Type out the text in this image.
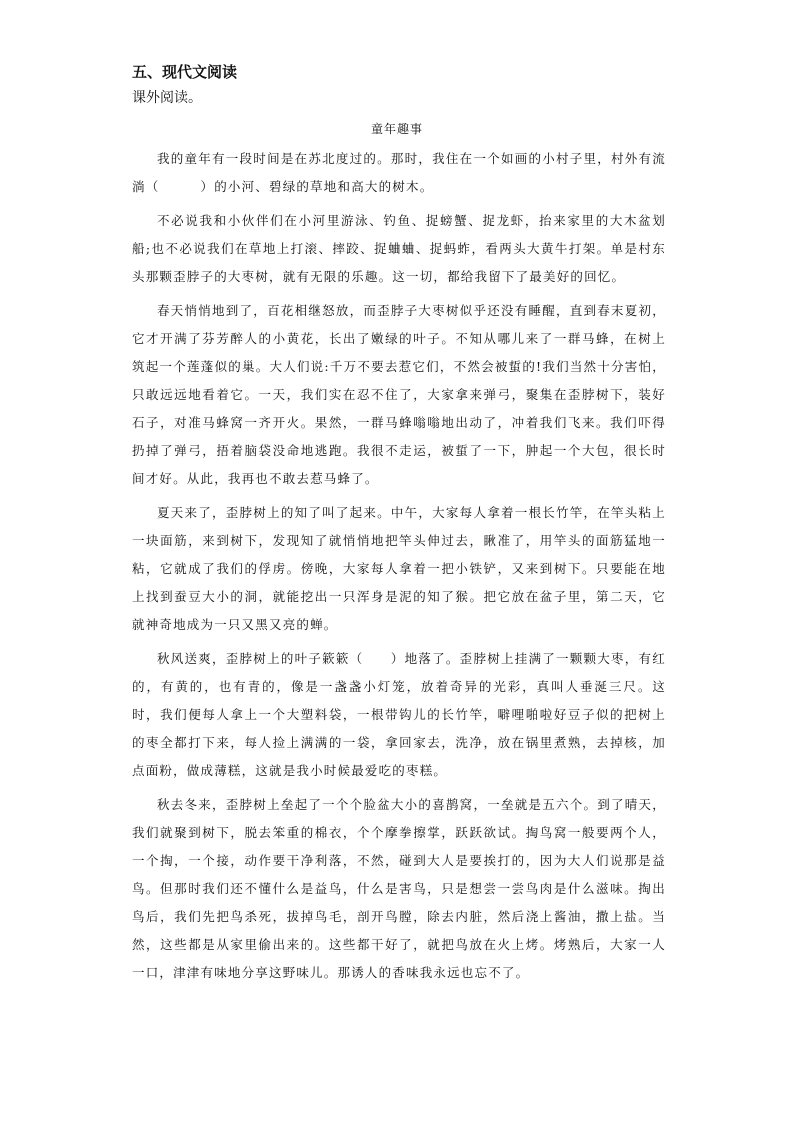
五、现代文阅读
课外阅读。
童年趣事

我的童年有一段时间是在苏北度过的。那时，我住在一个如画的小村子里，村外有流淌（　　　）的小河、碧绿的草地和高大的树木。

不必说我和小伙伴们在小河里游泳、钓鱼、捉螃蟹、捉龙虾，抬来家里的大木盆划船;也不必说我们在草地上打滚、摔跤、捉蛐蛐、捉蚂蚱，看两头大黄牛打架。单是村东头那颗歪脖子的大枣树，就有无限的乐趣。这一切，都给我留下了最美好的回忆。

春天悄悄地到了，百花相继怒放，而歪脖子大枣树似乎还没有睡醒，直到春末夏初，它才开满了芬芳醉人的小黄花，长出了嫩绿的叶子。不知从哪儿来了一群马蜂，在树上筑起一个莲蓬似的巢。大人们说:千万不要去惹它们，不然会被蜇的!我们当然十分害怕，只敢远远地看着它。一天，我们实在忍不住了，大家拿来弹弓，聚集在歪脖树下，装好石子，对准马蜂窝一齐开火。果然，一群马蜂嗡嗡地出动了，冲着我们飞来。我们吓得扔掉了弹弓，捂着脑袋没命地逃跑。我很不走运，被蜇了一下，肿起一个大包，很长时间才好。从此，我再也不敢去惹马蜂了。

夏天来了，歪脖树上的知了叫了起来。中午，大家每人拿着一根长竹竿，在竿头粘上一块面筋，来到树下，发现知了就悄悄地把竿头伸过去，瞅准了，用竿头的面筋猛地一粘，它就成了我们的俘虏。傍晚，大家每人拿着一把小铁铲，又来到树下。只要能在地上找到蚕豆大小的洞，就能挖出一只浑身是泥的知了猴。把它放在盆子里，第二天，它就神奇地成为一只又黑又亮的蝉。

秋风送爽，歪脖树上的叶子簌簌（　　）地落了。歪脖树上挂满了一颗颗大枣，有红的，有黄的，也有青的，像是一盏盏小灯笼，放着奇异的光彩，真叫人垂涎三尺。这时，我们便每人拿上一个大塑料袋，一根带钩儿的长竹竿，噼哩啪啦好豆子似的把树上的枣全都打下来，每人捡上满满的一袋，拿回家去，洗净，放在锅里煮熟，去掉核，加点面粉，做成薄糕，这就是我小时候最爱吃的枣糕。

秋去冬来，歪脖树上垒起了一个个脸盆大小的喜鹊窝，一垒就是五六个。到了晴天，我们就聚到树下，脱去笨重的棉衣，个个摩拳擦掌，跃跃欲试。掏鸟窝一般要两个人，一个掏，一个接，动作要干净利落，不然，碰到大人是要挨打的，因为大人们说那是益鸟。但那时我们还不懂什么是益鸟，什么是害鸟，只是想尝一尝鸟肉是什么滋味。掏出鸟后，我们先把鸟杀死，拔掉鸟毛，剖开鸟膛，除去内脏，然后浇上酱油，撒上盐。当然，这些都是从家里偷出来的。这些都干好了，就把鸟放在火上烤。烤熟后，大家一人一口，津津有味地分享这野味儿。那诱人的香味我永远也忘不了。
